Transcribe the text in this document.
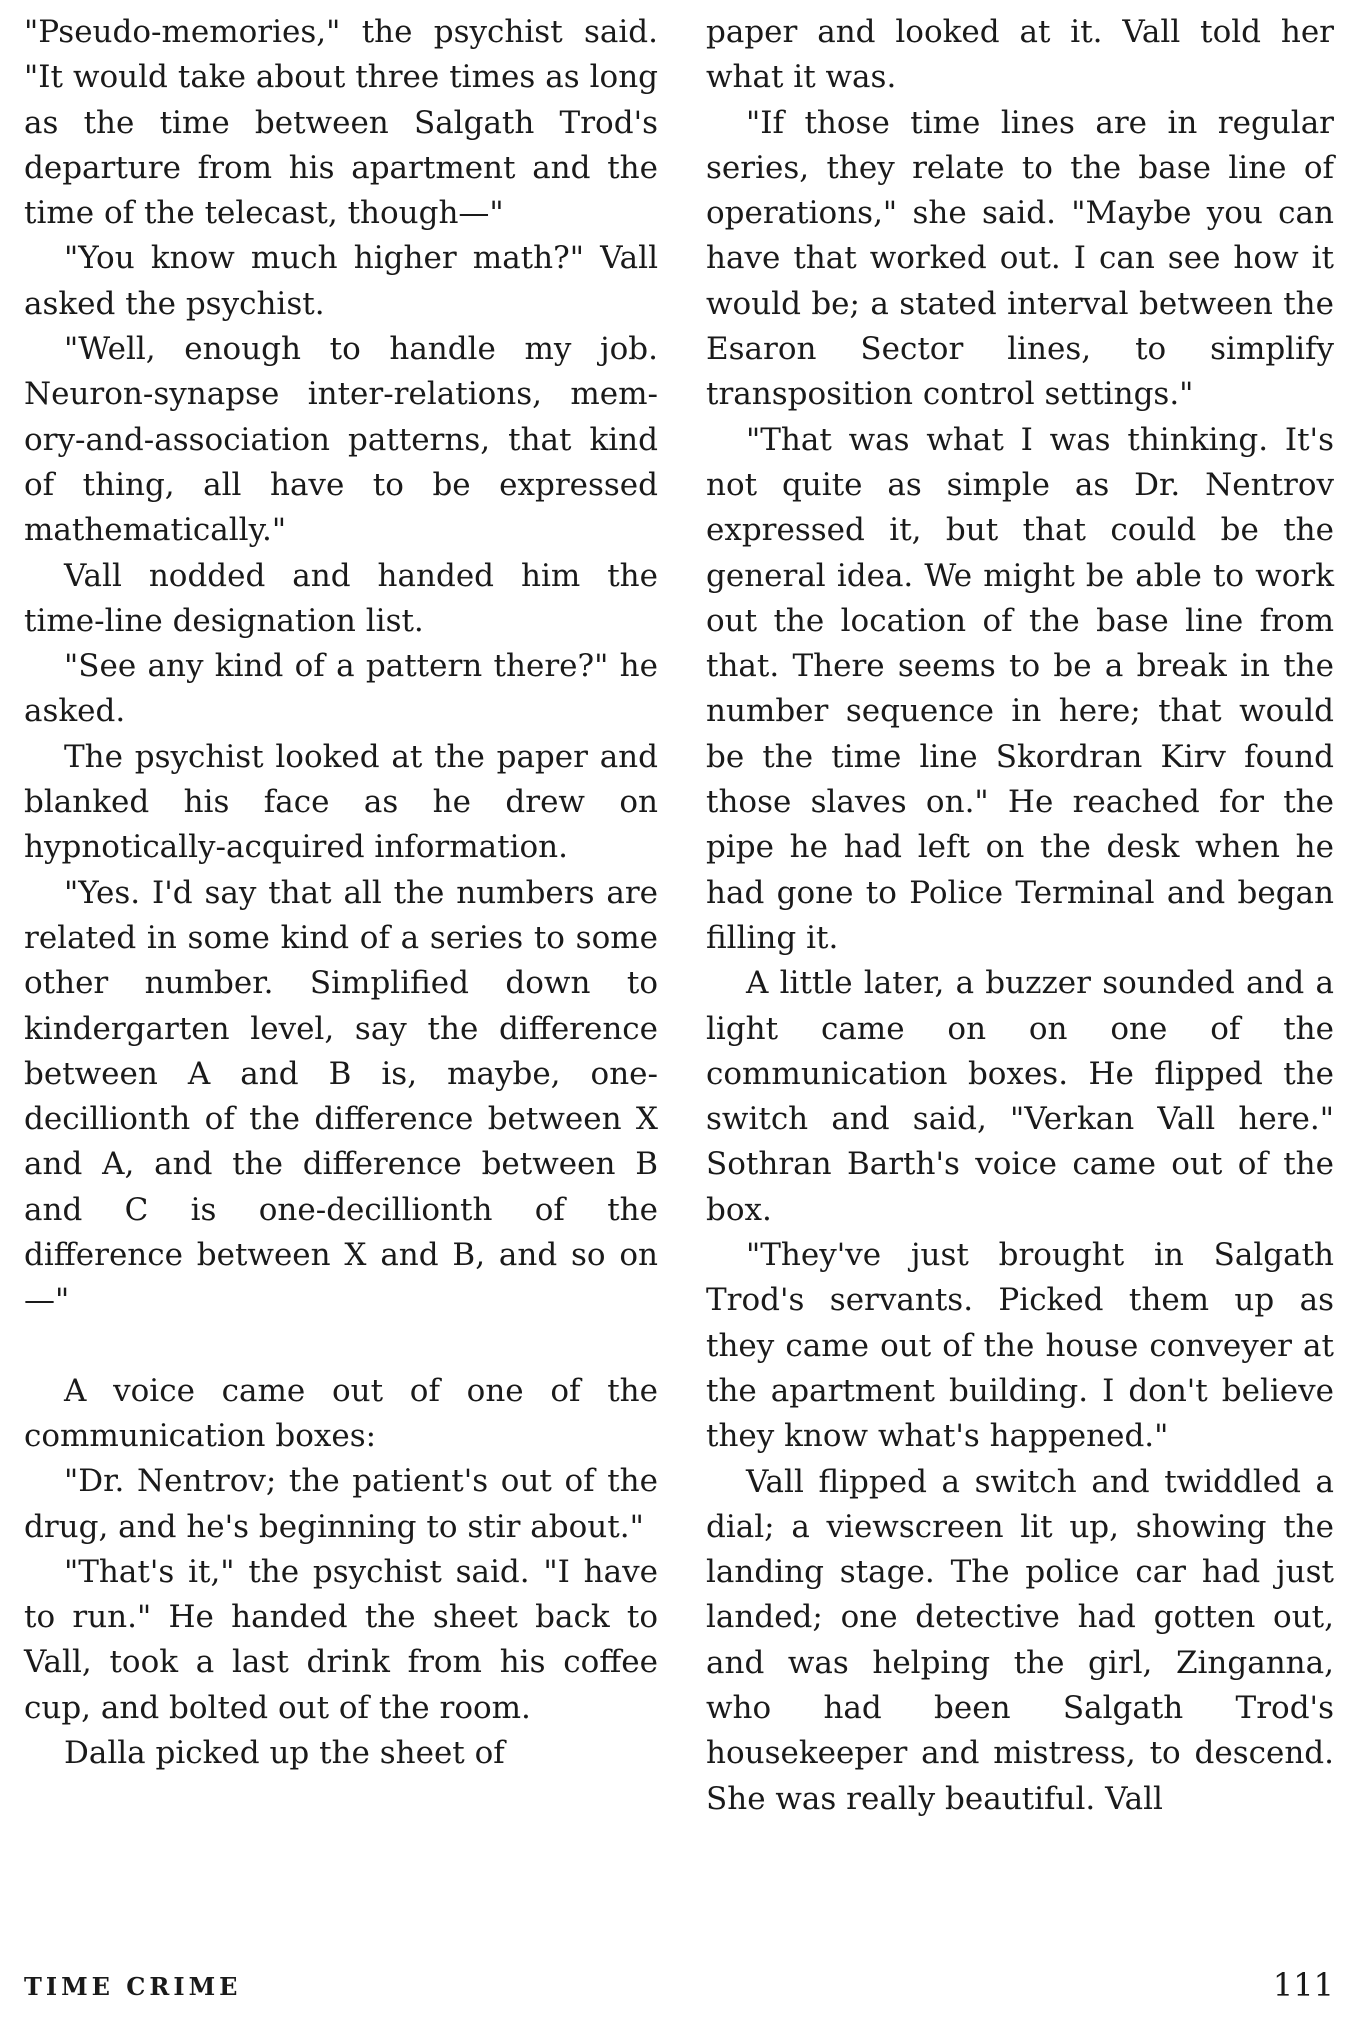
"Pseudo-memories," the psychist said. "It would take about three times as long as the time between Salgath Trod's departure from his apartment and the time of the telecast, though—"

"You know much higher math?" Vall asked the psychist.

"Well, enough to handle my job. Neuron-synapse inter-relations, memory-and-association patterns, that kind of thing, all have to be expressed mathematically."

Vall nodded and handed him the time-line designation list.

"See any kind of a pattern there?" he asked.

The psychist looked at the paper and blanked his face as he drew on hypnotically-acquired information.

"Yes. I'd say that all the numbers are related in some kind of a series to some other number. Simplified down to kindergarten level, say the difference between A and B is, maybe, one-decillionth of the difference between X and A, and the difference between B and C is one-decillionth of the difference between X and B, and so on—"

A voice came out of one of the communication boxes:

"Dr. Nentrov; the patient's out of the drug, and he's beginning to stir about."

"That's it," the psychist said. "I have to run." He handed the sheet back to Vall, took a last drink from his coffee cup, and bolted out of the room.

Dalla picked up the sheet of

paper and looked at it. Vall told her what it was.

"If those time lines are in regular series, they relate to the base line of operations," she said. "Maybe you can have that worked out. I can see how it would be; a stated interval between the Esaron Sector lines, to simplify transposition control settings."

"That was what I was thinking. It's not quite as simple as Dr. Nentrov expressed it, but that could be the general idea. We might be able to work out the location of the base line from that. There seems to be a break in the number sequence in here; that would be the time line Skordran Kirv found those slaves on." He reached for the pipe he had left on the desk when he had gone to Police Terminal and began filling it.

A little later, a buzzer sounded and a light came on on one of the communication boxes. He flipped the switch and said, "Verkan Vall here." Sothran Barth's voice came out of the box.

"They've just brought in Salgath Trod's servants. Picked them up as they came out of the house conveyer at the apartment building. I don't believe they know what's happened."

Vall flipped a switch and twiddled a dial; a viewscreen lit up, showing the landing stage. The police car had just landed; one detective had gotten out, and was helping the girl, Zinganna, who had been Salgath Trod's housekeeper and mistress, to descend. She was really beautiful. Vall

TIME CRIME	111
